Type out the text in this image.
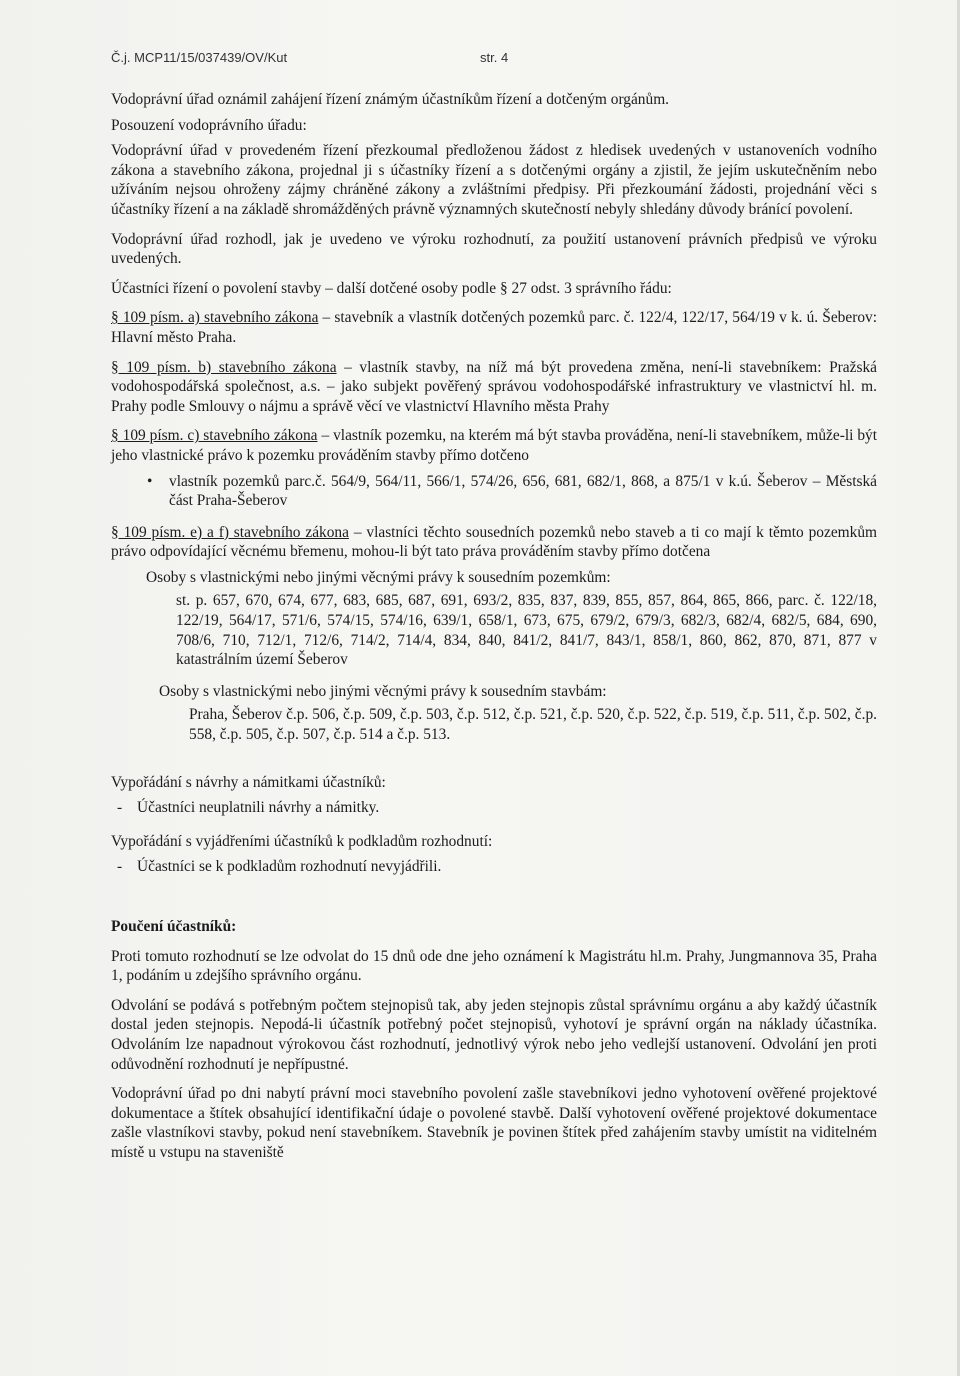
Č.j. MCP11/15/037439/OV/Kut	str. 4

Vodoprávní úřad oznámil zahájení řízení známým účastníkům řízení a dotčeným orgánům.

Posouzení vodoprávního úřadu:

Vodoprávní úřad v provedeném řízení přezkoumal předloženou žádost z hledisek uvedených v ustanoveních vodního zákona a stavebního zákona, projednal ji s účastníky řízení a s dotčenými orgány a zjistil, že jejím uskutečněním nebo užíváním nejsou ohroženy zájmy chráněné zákony a zvláštními předpisy. Při přezkoumání žádosti, projednání věci s účastníky řízení a na základě shromážděných právně významných skutečností nebyly shledány důvody bránící povolení.

Vodoprávní úřad rozhodl, jak je uvedeno ve výroku rozhodnutí, za použití ustanovení právních předpisů ve výroku uvedených.

Účastníci řízení o povolení stavby – další dotčené osoby podle § 27 odst. 3 správního řádu:

§ 109 písm. a) stavebního zákona – stavebník a vlastník dotčených pozemků parc. č. 122/4, 122/17, 564/19 v k. ú. Šeberov: Hlavní město Praha.

§ 109 písm. b) stavebního zákona – vlastník stavby, na níž má být provedena změna, není-li stavebníkem: Pražská vodohospodářská společnost, a.s. – jako subjekt pověřený správou vodohospodářské infrastruktury ve vlastnictví hl. m. Prahy podle Smlouvy o nájmu a správě věcí ve vlastnictví Hlavního města Prahy

§ 109 písm. c) stavebního zákona – vlastník pozemku, na kterém má být stavba prováděna, není-li stavebníkem, může-li být jeho vlastnické právo k pozemku prováděním stavby přímo dotčeno

• vlastník pozemků parc.č. 564/9, 564/11, 566/1, 574/26, 656, 681, 682/1, 868, a 875/1 v k.ú. Šeberov – Městská část Praha-Šeberov

§ 109 písm. e) a f) stavebního zákona – vlastníci těchto sousedních pozemků nebo staveb a ti co mají k těmto pozemkům právo odpovídající věcnému břemenu, mohou-li být tato práva prováděním stavby přímo dotčena

Osoby s vlastnickými nebo jinými věcnými právy k sousedním pozemkům:

st. p. 657, 670, 674, 677, 683, 685, 687, 691, 693/2, 835, 837, 839, 855, 857, 864, 865, 866, parc. č. 122/18, 122/19, 564/17, 571/6, 574/15, 574/16, 639/1, 658/1, 673, 675, 679/2, 679/3, 682/3, 682/4, 682/5, 684, 690, 708/6, 710, 712/1, 712/6, 714/2, 714/4, 834, 840, 841/2, 841/7, 843/1, 858/1, 860, 862, 870, 871, 877 v katastrálním území Šeberov

Osoby s vlastnickými nebo jinými věcnými právy k sousedním stavbám:

Praha, Šeberov č.p. 506, č.p. 509, č.p. 503, č.p. 512, č.p. 521, č.p. 520, č.p. 522, č.p. 519, č.p. 511, č.p. 502, č.p. 558, č.p. 505, č.p. 507, č.p. 514 a č.p. 513.

Vypořádání s návrhy a námitkami účastníků:

- Účastníci neuplatnili návrhy a námitky.

Vypořádání s vyjádřeními účastníků k podkladům rozhodnutí:

- Účastníci se k podkladům rozhodnutí nevyjádřili.

Poučení účastníků:

Proti tomuto rozhodnutí se lze odvolat do 15 dnů ode dne jeho oznámení k Magistrátu hl.m. Prahy, Jungmannova 35, Praha 1, podáním u zdejšího správního orgánu.

Odvolání se podává s potřebným počtem stejnopisů tak, aby jeden stejnopis zůstal správnímu orgánu a aby každý účastník dostal jeden stejnopis. Nepodá-li účastník potřebný počet stejnopisů, vyhotoví je správní orgán na náklady účastníka. Odvoláním lze napadnout výrokovou část rozhodnutí, jednotlivý výrok nebo jeho vedlejší ustanovení. Odvolání jen proti odůvodnění rozhodnutí je nepřípustné.

Vodoprávní úřad po dni nabytí právní moci stavebního povolení zašle stavebníkovi jedno vyhotovení ověřené projektové dokumentace a štítek obsahující identifikační údaje o povolené stavbě. Další vyhotovení ověřené projektové dokumentace zašle vlastníkovi stavby, pokud není stavebníkem. Stavebník je povinen štítek před zahájením stavby umístit na viditelném místě u vstupu na staveniště
